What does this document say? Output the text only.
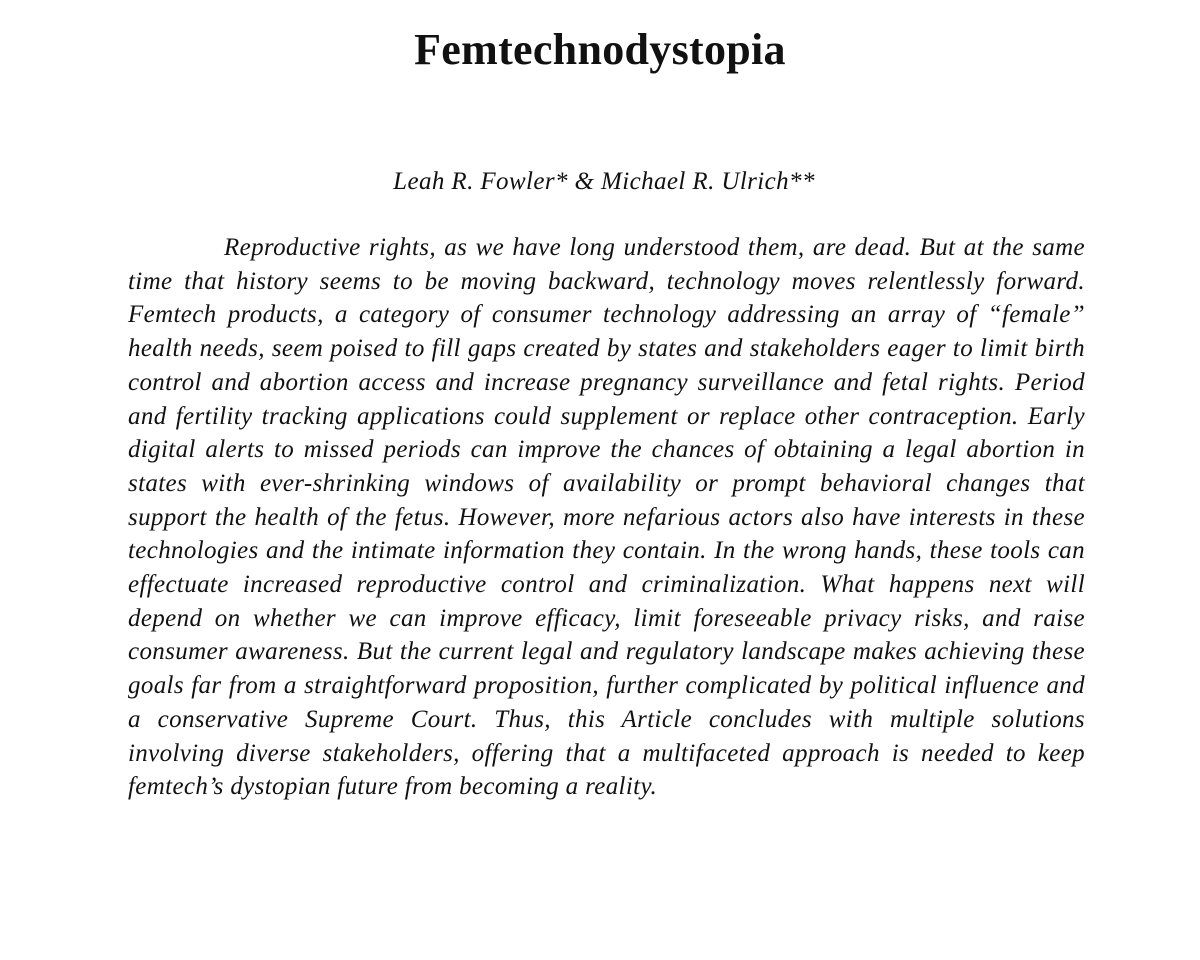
Femtechnodystopia

Leah R. Fowler* & Michael R. Ulrich**

Reproductive rights, as we have long understood them, are dead. But at the same time that history seems to be moving backward, technology moves relentlessly forward. Femtech products, a category of consumer technology addressing an array of “female” health needs, seem poised to fill gaps created by states and stakeholders eager to limit birth control and abortion access and increase pregnancy surveillance and fetal rights. Period and fertility tracking applications could supplement or replace other contraception. Early digital alerts to missed periods can improve the chances of obtaining a legal abortion in states with ever-shrinking windows of availability or prompt behavioral changes that support the health of the fetus. However, more nefarious actors also have interests in these technologies and the intimate information they contain. In the wrong hands, these tools can effectuate increased reproductive control and criminalization. What happens next will depend on whether we can improve efficacy, limit foreseeable privacy risks, and raise consumer awareness. But the current legal and regulatory landscape makes achieving these goals far from a straightforward proposition, further complicated by political influence and a conservative Supreme Court. Thus, this Article concludes with multiple solutions involving diverse stakeholders, offering that a multifaceted approach is needed to keep femtech’s dystopian future from becoming a reality.
